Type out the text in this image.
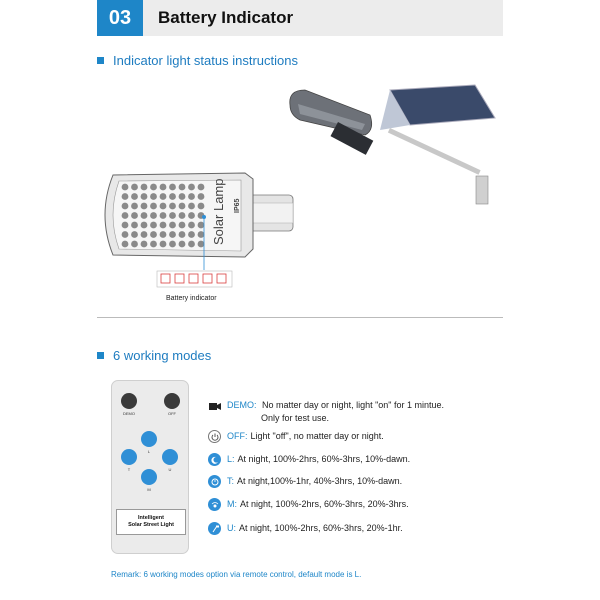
03	Battery Indicator
Indicator light status instructions
Solar Lamp IP65
Battery indicator
6 working modes
DEMO	OFF
L
T	U
M
Intelligent
Solar Street Light
DEMO: No matter day or night, light "on" for 1 mintue.
Only for test use.
OFF: Light "off", no matter day or night.
L: At night, 100%-2hrs, 60%-3hrs, 10%-dawn.
T: At night,100%-1hr, 40%-3hrs, 10%-dawn.
M: At night, 100%-2hrs, 60%-3hrs, 20%-3hrs.
U: At night, 100%-2hrs, 60%-3hrs, 20%-1hr.
Remark: 6 working modes option via remote control, default mode is L.
